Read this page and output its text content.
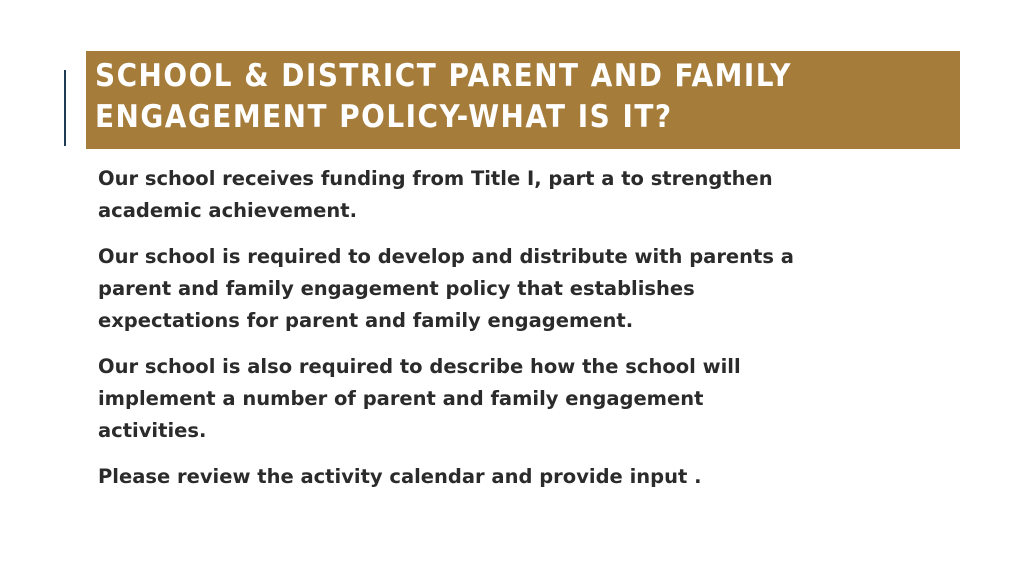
SCHOOL & DISTRICT PARENT AND FAMILY
ENGAGEMENT POLICY-WHAT IS IT?

Our school receives funding from Title I, part a to strengthen
academic achievement.

Our school is required to develop and distribute with parents a
parent and family engagement policy that establishes
expectations for parent and family engagement.

Our school is also required to describe how the school will
implement a number of parent and family engagement
activities.

Please review the activity calendar and provide input .
